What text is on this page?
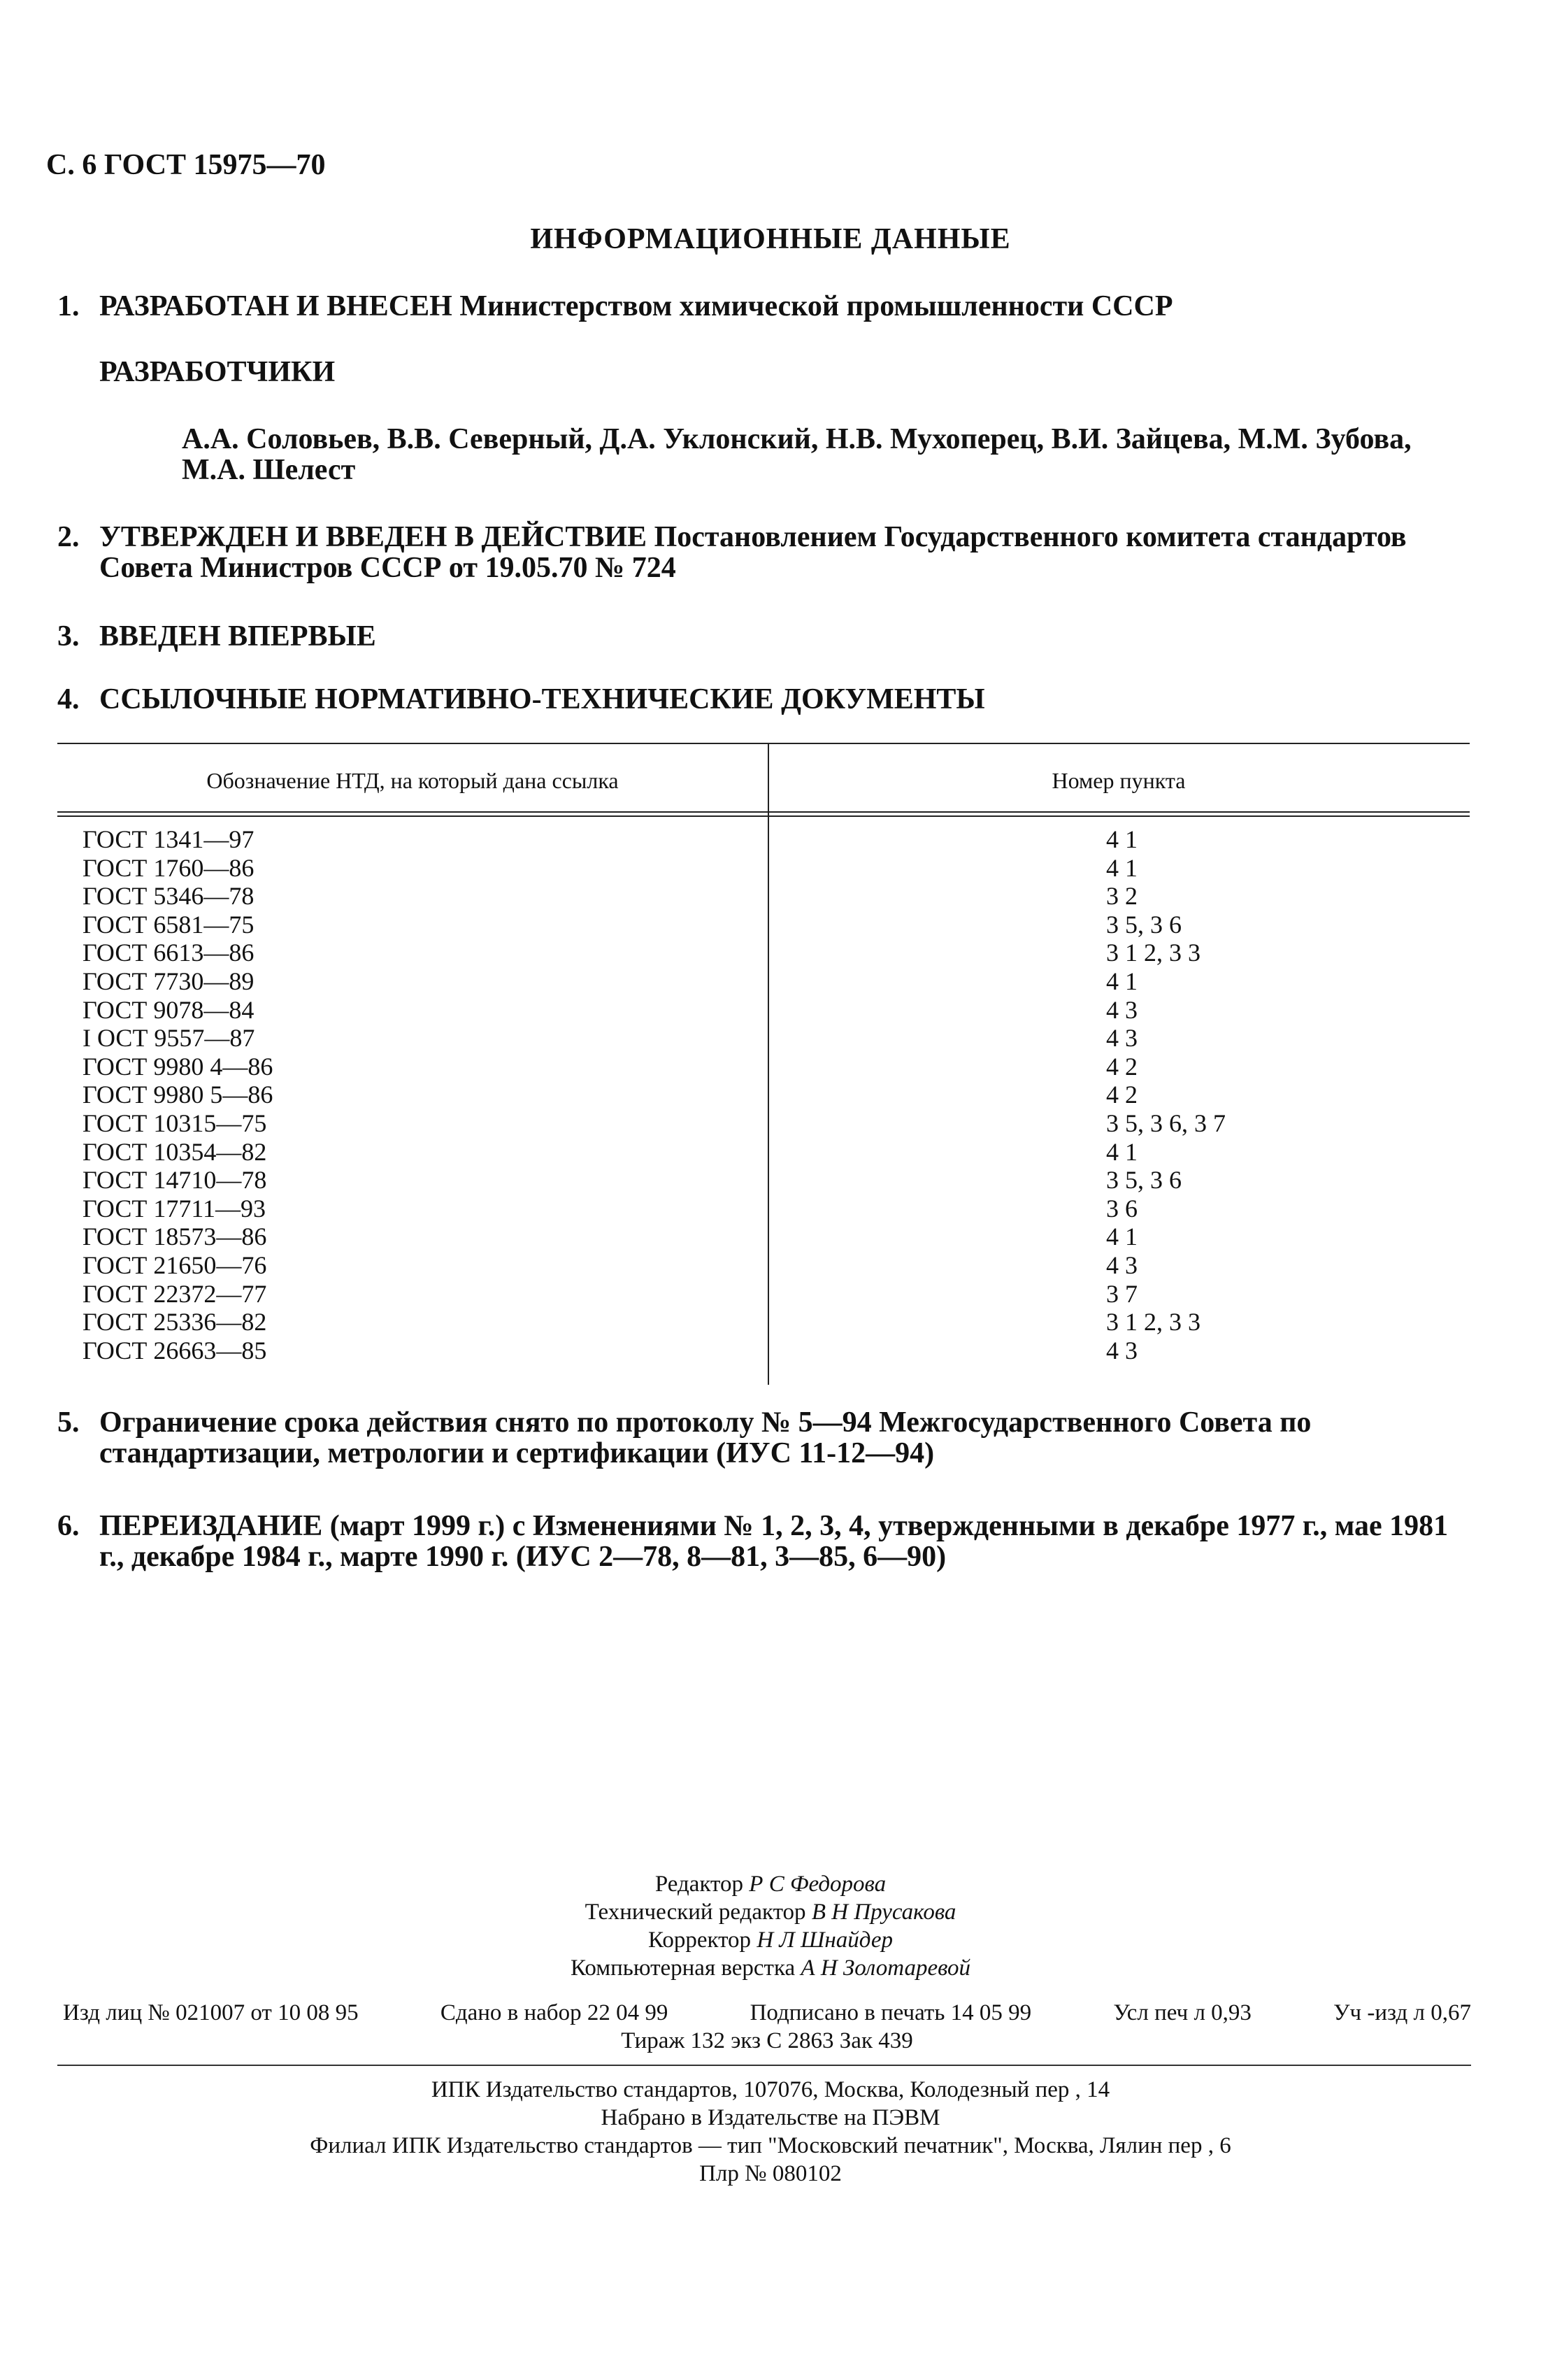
С. 6 ГОСТ 15975—70
ИНФОРМАЦИОННЫЕ ДАННЫЕ
1. РАЗРАБОТАН И ВНЕСЕН Министерством химической промышленности СССР
РАЗРАБОТЧИКИ
А.А. Соловьев, В.В. Северный, Д.А. Уклонский, Н.В. Мухоперец, В.И. Зайцева, М.М. Зубова, М.А. Шелест
2. УТВЕРЖДЕН И ВВЕДЕН В ДЕЙСТВИЕ Постановлением Государственного комитета стандартов Совета Министров СССР от 19.05.70 № 724
3. ВВЕДЕН ВПЕРВЫЕ
4. ССЫЛОЧНЫЕ НОРМАТИВНО-ТЕХНИЧЕСКИЕ ДОКУМЕНТЫ
Обозначение НТД, на который дана ссылка	Номер пункта
ГОСТ 1341—97	4 1
ГОСТ 1760—86	4 1
ГОСТ 5346—78	3 2
ГОСТ 6581—75	3 5, 3 6
ГОСТ 6613—86	3 1 2, 3 3
ГОСТ 7730—89	4 1
ГОСТ 9078—84	4 3
I ОСТ 9557—87	4 3
ГОСТ 9980 4—86	4 2
ГОСТ 9980 5—86	4 2
ГОСТ 10315—75	3 5, 3 6, 3 7
ГОСТ 10354—82	4 1
ГОСТ 14710—78	3 5, 3 6
ГОСТ 17711—93	3 6
ГОСТ 18573—86	4 1
ГОСТ 21650—76	4 3
ГОСТ 22372—77	3 7
ГОСТ 25336—82	3 1 2, 3 3
ГОСТ 26663—85	4 3
5. Ограничение срока действия снято по протоколу № 5—94 Межгосударственного Совета по стандартизации, метрологии и сертификации (ИУС 11-12—94)
6. ПЕРЕИЗДАНИЕ (март 1999 г.) с Изменениями № 1, 2, 3, 4, утвержденными в декабре 1977 г., мае 1981 г., декабре 1984 г., марте 1990 г. (ИУС 2—78, 8—81, 3—85, 6—90)
Редактор Р С Федорова
Технический редактор В Н Прусакова
Корректор Н Л Шнайдер
Компьютерная верстка А Н Золотаревой
Изд лиц № 021007 от 10 08 95	Сдано в набор 22 04 99	Подписано в печать 14 05 99	Усл печ л 0,93	Уч -изд л 0,67
Тираж 132 экз С 2863 Зак 439
ИПК Издательство стандартов, 107076, Москва, Колодезный пер , 14
Набрано в Издательстве на ПЭВМ
Филиал ИПК Издательство стандартов — тип "Московский печатник", Москва, Лялин пер , 6
Плр № 080102
